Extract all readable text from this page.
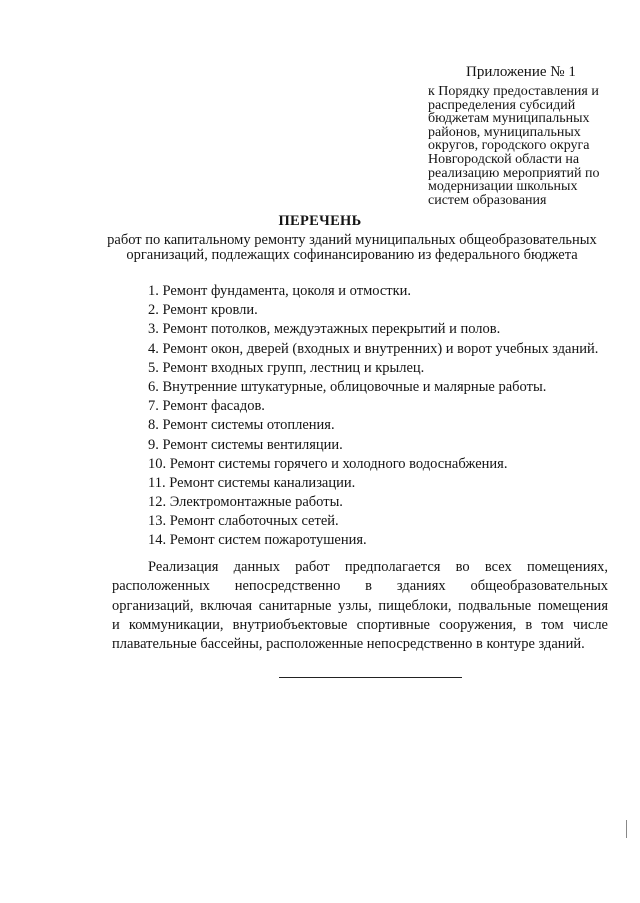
Приложение № 1
к Порядку предоставления и
распределения субсидий
бюджетам муниципальных
районов, муниципальных
округов, городского округа
Новгородской области на
реализацию мероприятий по
модернизации школьных
систем образования
ПЕРЕЧЕНЬ
работ по капитальному ремонту зданий муниципальных общеобразовательных
организаций, подлежащих софинансированию из федерального бюджета
1. Ремонт фундамента, цоколя и отмостки.
2. Ремонт кровли.
3. Ремонт потолков, междуэтажных перекрытий и полов.
4. Ремонт окон, дверей (входных и внутренних) и ворот учебных зданий.
5. Ремонт входных групп, лестниц и крылец.
6. Внутренние штукатурные, облицовочные и малярные работы.
7. Ремонт фасадов.
8. Ремонт системы отопления.
9. Ремонт системы вентиляции.
10. Ремонт системы горячего и холодного водоснабжения.
11. Ремонт системы канализации.
12. Электромонтажные работы.
13. Ремонт слаботочных сетей.
14. Ремонт систем пожаротушения.
Реализация данных работ предполагается во всех помещениях,
расположенных непосредственно в зданиях общеобразовательных
организаций, включая санитарные узлы, пищеблоки, подвальные помещения
и коммуникации, внутриобъектовые спортивные сооружения, в том числе
плавательные бассейны, расположенные непосредственно в контуре зданий.
